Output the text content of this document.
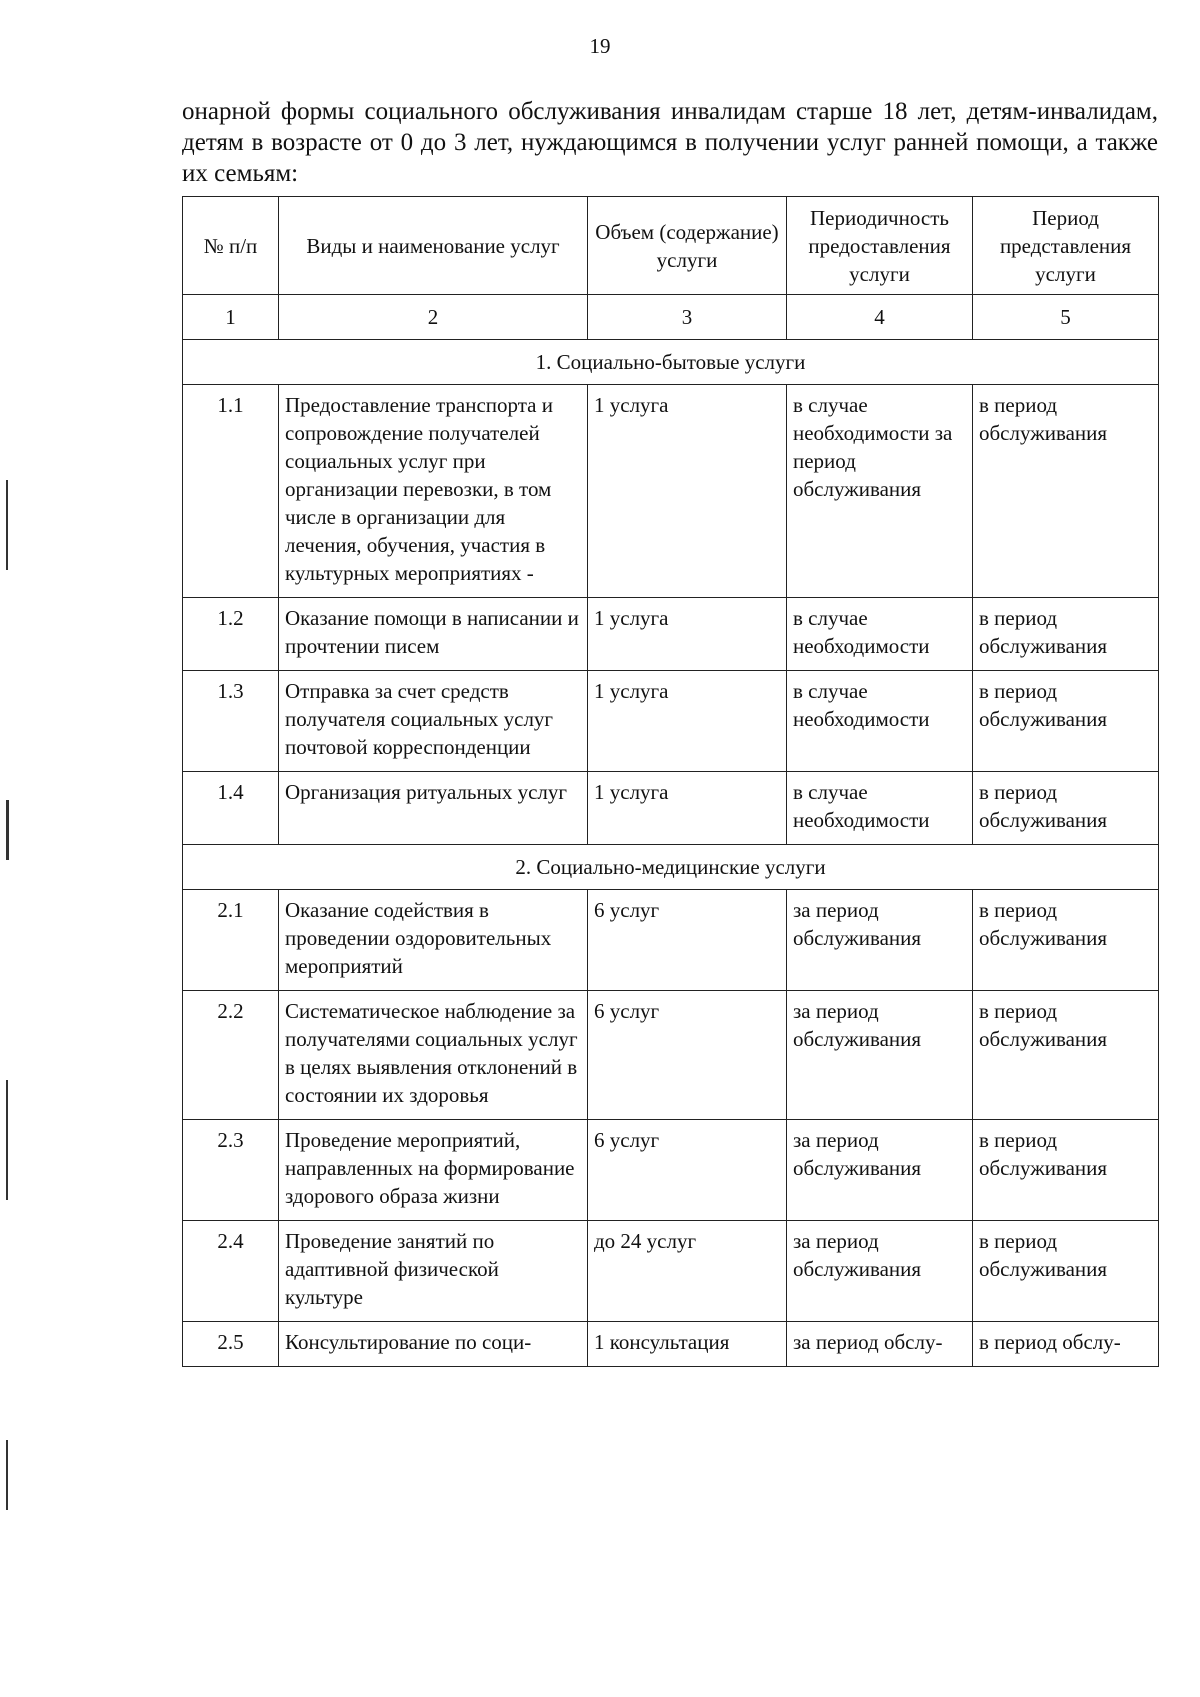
19

онарной формы социального обслуживания инвалидам старше 18 лет, детям-инвалидам, детям в возрасте от 0 до 3 лет, нуждающимся в получении услуг ранней помощи, а также их семьям:

№ п/п	Виды и наименование услуг	Объем (содержание) услуги	Периодичность предоставления услуги	Период представления услуги
1	2	3	4	5
1. Социально-бытовые услуги				
1.1	Предоставление транспорта и сопровождение получателей социальных услуг при организации перевозки, в том числе в организации для лечения, обучения, участия в культурных мероприятиях -	1 услуга	в случае необходимости за период обслуживания	в период обслуживания
1.2	Оказание помощи в написании и прочтении писем	1 услуга	в случае необходимости	в период обслуживания
1.3	Отправка за счет средств получателя социальных услуг почтовой корреспонденции	1 услуга	в случае необходимости	в период обслуживания
1.4	Организация ритуальных услуг	1 услуга	в случае необходимости	в период обслуживания
2. Социально-медицинские услуги				
2.1	Оказание содействия в проведении оздоровительных мероприятий	6 услуг	за период обслуживания	в период обслуживания
2.2	Систематическое наблюдение за получателями социальных услуг в целях выявления отклонений в состоянии их здоровья	6 услуг	за период обслуживания	в период обслуживания
2.3	Проведение мероприятий, направленных на формирование здорового образа жизни	6 услуг	за период обслуживания	в период обслуживания
2.4	Проведение занятий по адаптивной физической культуре	до 24 услуг	за период обслуживания	в период обслуживания
2.5	Консультирование по соци-	1 консультация	за период обслу-	в период обслу-
